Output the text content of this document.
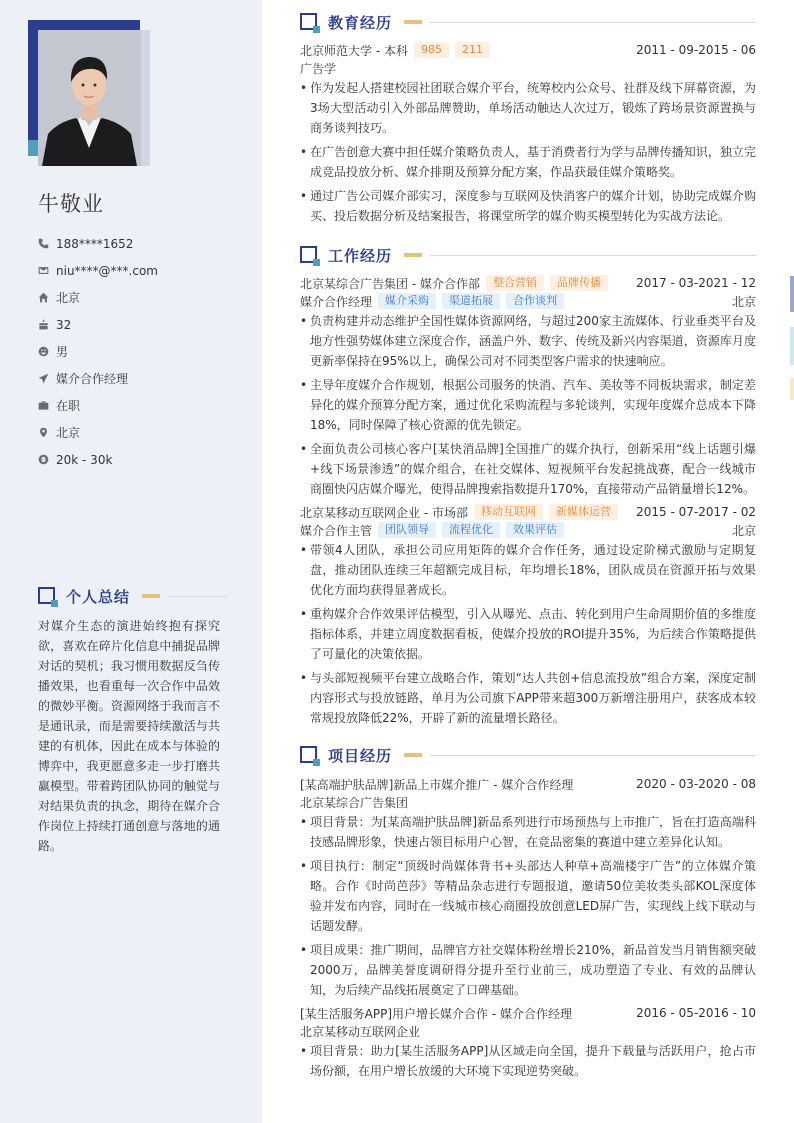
牛敬业
188****1652
niu****@***.com
北京
32
男
媒介合作经理
在职
北京
20k - 30k
个人总结
对媒介生态的演进始终抱有探究欲，喜欢在碎片化信息中捕捉品牌对话的契机；我习惯用数据反刍传播效果，也看重每一次合作中品效的微妙平衡。资源网络于我而言不是通讯录，而是需要持续激活与共建的有机体，因此在成本与体验的博弈中，我更愿意多走一步打磨共赢模型。带着跨团队协同的触觉与对结果负责的执念，期待在媒介合作岗位上持续打通创意与落地的通路。
教育经历
北京师范大学 - 本科	985	211	2011 - 09-2015 - 06
广告学
• 作为发起人搭建校园社团联合媒介平台，统筹校内公众号、社群及线下屏幕资源，为3场大型活动引入外部品牌赞助，单场活动触达人次过万，锻炼了跨场景资源置换与商务谈判技巧。
• 在广告创意大赛中担任媒介策略负责人，基于消费者行为学与品牌传播知识，独立完成竞品投放分析、媒介排期及预算分配方案，作品获最佳媒介策略奖。
• 通过广告公司媒介部实习，深度参与互联网及快消客户的媒介计划，协助完成媒介购买、投后数据分析及结案报告，将课堂所学的媒介购买模型转化为实战方法论。
工作经历
北京某综合广告集团 - 媒介合作部	整合营销	品牌传播	2017 - 03-2021 - 12
媒介合作经理	媒介采购	渠道拓展	合作谈判	北京
• 负责构建并动态维护全国性媒体资源网络，与超过200家主流媒体、行业垂类平台及地方性强势媒体建立深度合作，涵盖户外、数字、传统及新兴内容渠道，资源库月度更新率保持在95%以上，确保公司对不同类型客户需求的快速响应。
• 主导年度媒介合作规划，根据公司服务的快消、汽车、美妆等不同板块需求，制定差异化的媒介预算分配方案，通过优化采购流程与多轮谈判，实现年度媒介总成本下降18%，同时保障了核心资源的优先锁定。
• 全面负责公司核心客户[某快消品牌]全国推广的媒介执行，创新采用“线上话题引爆+线下场景渗透”的媒介组合，在社交媒体、短视频平台发起挑战赛，配合一线城市商圈快闪店媒介曝光，使得品牌搜索指数提升170%，直接带动产品销量增长12%。
北京某移动互联网企业 - 市场部	移动互联网	新媒体运营	2015 - 07-2017 - 02
媒介合作主管	团队领导	流程优化	效果评估	北京
• 带领4人团队，承担公司应用矩阵的媒介合作任务，通过设定阶梯式激励与定期复盘，推动团队连续三年超额完成目标，年均增长18%，团队成员在资源开拓与效果优化方面均获得显著成长。
• 重构媒介合作效果评估模型，引入从曝光、点击、转化到用户生命周期价值的多维度指标体系，并建立周度数据看板，使媒介投放的ROI提升35%，为后续合作策略提供了可量化的决策依据。
• 与头部短视频平台建立战略合作，策划“达人共创+信息流投放”组合方案，深度定制内容形式与投放链路，单月为公司旗下APP带来超300万新增注册用户，获客成本较常规投放降低22%，开辟了新的流量增长路径。
项目经历
[某高端护肤品牌]新品上市媒介推广 - 媒介合作经理	2020 - 03-2020 - 08
北京某综合广告集团
• 项目背景：为[某高端护肤品牌]新品系列进行市场预热与上市推广，旨在打造高端科技感品牌形象，快速占领目标用户心智，在竞品密集的赛道中建立差异化认知。
• 项目执行：制定“顶级时尚媒体背书+头部达人种草+高端楼宇广告”的立体媒介策略。合作《时尚芭莎》等精品杂志进行专题报道，邀请50位美妆类头部KOL深度体验并发布内容，同时在一线城市核心商圈投放创意LED屏广告，实现线上线下联动与话题发酵。
• 项目成果：推广期间，品牌官方社交媒体粉丝增长210%，新品首发当月销售额突破2000万，品牌美誉度调研得分提升至行业前三，成功塑造了专业、有效的品牌认知，为后续产品线拓展奠定了口碑基础。
[某生活服务APP]用户增长媒介合作 - 媒介合作经理	2016 - 05-2016 - 10
北京某移动互联网企业
• 项目背景：助力[某生活服务APP]从区域走向全国，提升下载量与活跃用户，抢占市场份额，在用户增长放缓的大环境下实现逆势突破。
